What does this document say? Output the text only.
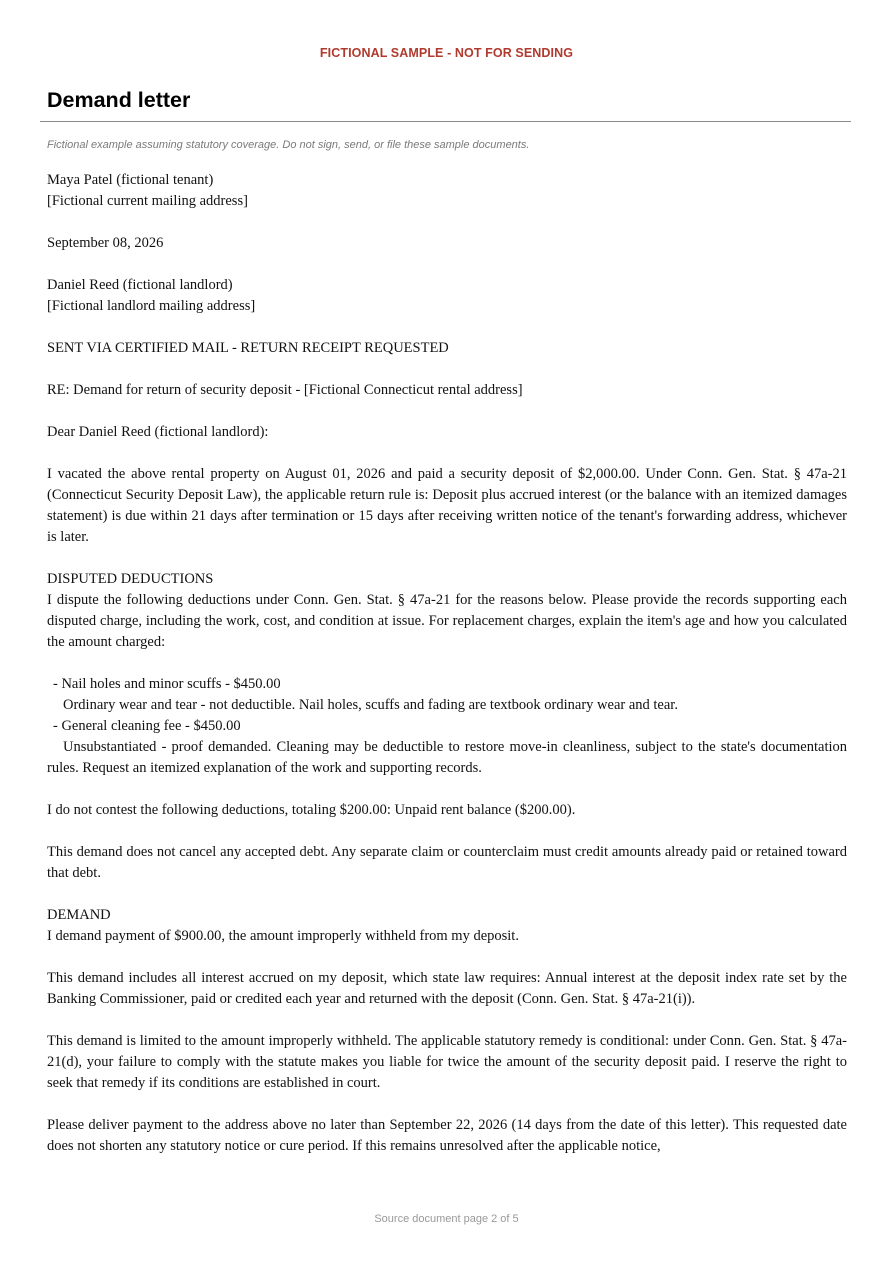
FICTIONAL SAMPLE - NOT FOR SENDING
Demand letter
Fictional example assuming statutory coverage. Do not sign, send, or file these sample documents.

Maya Patel (fictional tenant)
[Fictional current mailing address]

September 08, 2026

Daniel Reed (fictional landlord)
[Fictional landlord mailing address]

SENT VIA CERTIFIED MAIL - RETURN RECEIPT REQUESTED

RE: Demand for return of security deposit - [Fictional Connecticut rental address]

Dear Daniel Reed (fictional landlord):

I vacated the above rental property on August 01, 2026 and paid a security deposit of $2,000.00. Under Conn. Gen. Stat. § 47a-21 (Connecticut Security Deposit Law), the applicable return rule is: Deposit plus accrued interest (or the balance with an itemized damages statement) is due within 21 days after termination or 15 days after receiving written notice of the tenant's forwarding address, whichever is later.

DISPUTED DEDUCTIONS
I dispute the following deductions under Conn. Gen. Stat. § 47a-21 for the reasons below. Please provide the records supporting each disputed charge, including the work, cost, and condition at issue. For replacement charges, explain the item's age and how you calculated the amount charged:

- Nail holes and minor scuffs - $450.00
Ordinary wear and tear - not deductible. Nail holes, scuffs and fading are textbook ordinary wear and tear.
- General cleaning fee - $450.00
Unsubstantiated - proof demanded. Cleaning may be deductible to restore move-in cleanliness, subject to the state's documentation rules. Request an itemized explanation of the work and supporting records.

I do not contest the following deductions, totaling $200.00: Unpaid rent balance ($200.00).

This demand does not cancel any accepted debt. Any separate claim or counterclaim must credit amounts already paid or retained toward that debt.

DEMAND
I demand payment of $900.00, the amount improperly withheld from my deposit.

This demand includes all interest accrued on my deposit, which state law requires: Annual interest at the deposit index rate set by the Banking Commissioner, paid or credited each year and returned with the deposit (Conn. Gen. Stat. § 47a-21(i)).

This demand is limited to the amount improperly withheld. The applicable statutory remedy is conditional: under Conn. Gen. Stat. § 47a-21(d), your failure to comply with the statute makes you liable for twice the amount of the security deposit paid. I reserve the right to seek that remedy if its conditions are established in court.

Please deliver payment to the address above no later than September 22, 2026 (14 days from the date of this letter). This requested date does not shorten any statutory notice or cure period. If this remains unresolved after the applicable notice,

Source document page 2 of 5
